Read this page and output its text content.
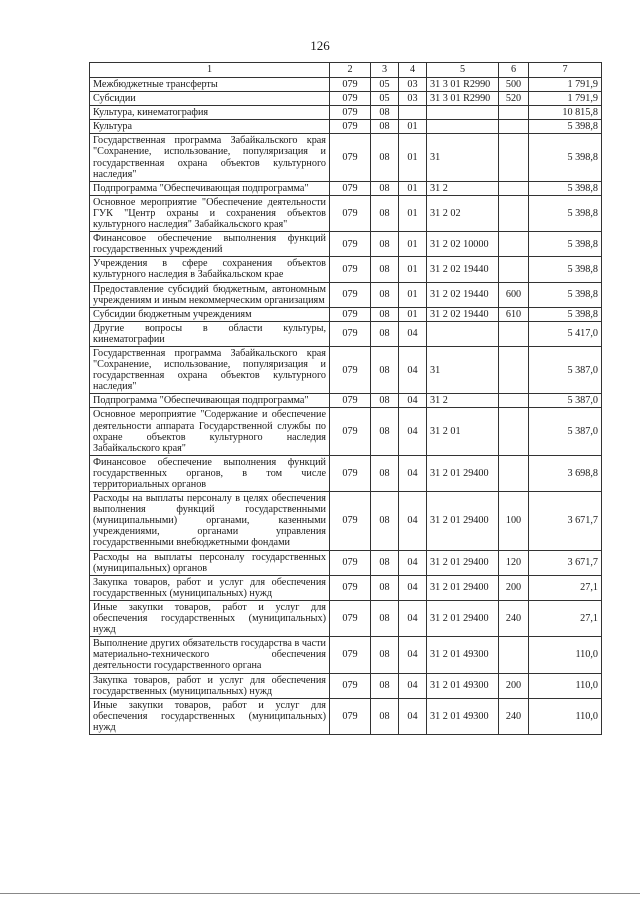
126
1	2	3	4	5	6	7
Межбюджетные трансферты	079	05	03	31 3 01 R2990	500	1 791,9
Субсидии	079	05	03	31 3 01 R2990	520	1 791,9
Культура, кинематография	079	08				10 815,8
Культура	079	08	01			5 398,8
Государственная программа Забайкальского края "Сохранение, использование, популяризация и государственная охрана объектов культурного наследия"	079	08	01	31		5 398,8
Подпрограмма "Обеспечивающая подпрограмма"	079	08	01	31 2		5 398,8
Основное мероприятие "Обеспечение деятельности ГУК "Центр охраны и сохранения объектов культурного наследия" Забайкальского края"	079	08	01	31 2 02		5 398,8
Финансовое обеспечение выполнения функций государственных учреждений	079	08	01	31 2 02 10000		5 398,8
Учреждения в сфере сохранения объектов культурного наследия в Забайкальском крае	079	08	01	31 2 02 19440		5 398,8
Предоставление субсидий бюджетным, автономным учреждениям и иным некоммерческим организациям	079	08	01	31 2 02 19440	600	5 398,8
Субсидии бюджетным учреждениям	079	08	01	31 2 02 19440	610	5 398,8
Другие вопросы в области культуры, кинематографии	079	08	04			5 417,0
Государственная программа Забайкальского края "Сохранение, использование, популяризация и государственная охрана объектов культурного наследия"	079	08	04	31		5 387,0
Подпрограмма "Обеспечивающая подпрограмма"	079	08	04	31 2		5 387,0
Основное мероприятие "Содержание и обеспечение деятельности аппарата Государственной службы по охране объектов культурного наследия Забайкальского края"	079	08	04	31 2 01		5 387,0
Финансовое обеспечение выполнения функций государственных органов, в том числе территориальных органов	079	08	04	31 2 01 29400		3 698,8
Расходы на выплаты персоналу в целях обеспечения выполнения функций государственными (муниципальными) органами, казенными учреждениями, органами управления государственными внебюджетными фондами	079	08	04	31 2 01 29400	100	3 671,7
Расходы на выплаты персоналу государственных (муниципальных) органов	079	08	04	31 2 01 29400	120	3 671,7
Закупка товаров, работ и услуг для обеспечения государственных (муниципальных) нужд	079	08	04	31 2 01 29400	200	27,1
Иные закупки товаров, работ и услуг для обеспечения государственных (муниципальных) нужд	079	08	04	31 2 01 29400	240	27,1
Выполнение других обязательств государства в части материально-технического обеспечения деятельности государственного органа	079	08	04	31 2 01 49300		110,0
Закупка товаров, работ и услуг для обеспечения государственных (муниципальных) нужд	079	08	04	31 2 01 49300	200	110,0
Иные закупки товаров, работ и услуг для обеспечения государственных (муниципальных) нужд	079	08	04	31 2 01 49300	240	110,0
